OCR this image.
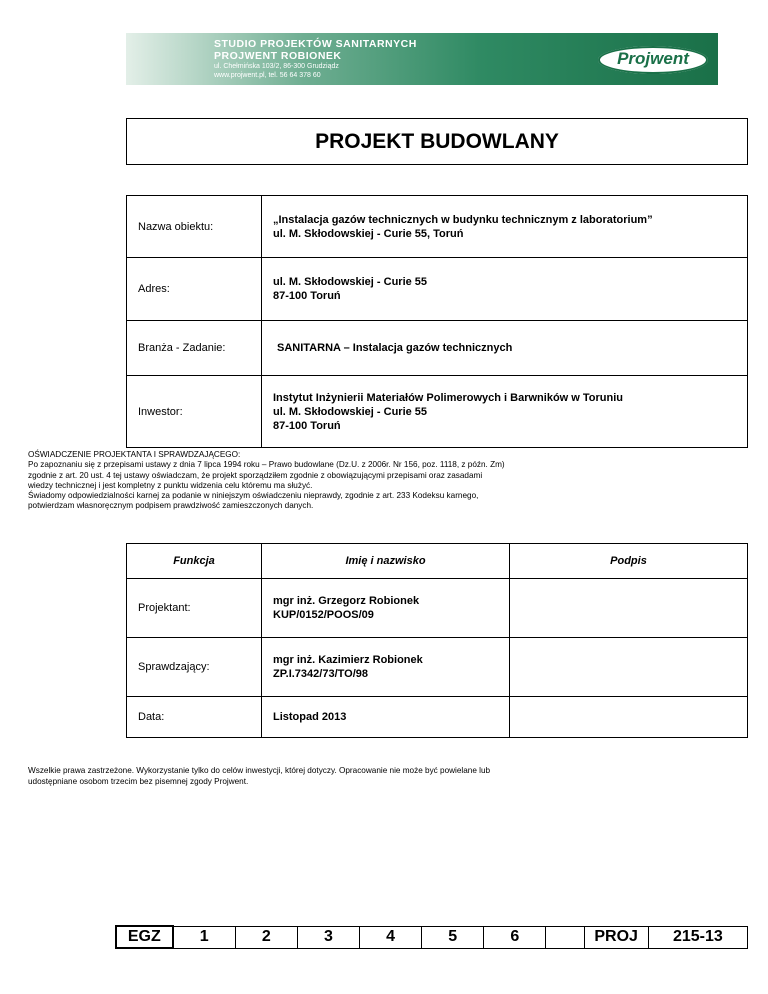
STUDIO PROJEKTÓW SANITARNYCH
PROJWENT ROBIONEK
ul. Chełmińska 103/2, 86-300 Grudziądz
www.projwent.pl, tel. 56 64 378 60
Projwent
PROJEKT BUDOWLANY
Nazwa obiektu:	„Instalacja gazów technicznych w budynku technicznym z laboratorium”
ul. M. Skłodowskiej - Curie 55, Toruń

Adres:	ul. M. Skłodowskiej - Curie 55
87-100 Toruń

Branża - Zadanie:	SANITARNA – Instalacja gazów technicznych
Inwestor:	Instytut Inżynierii Materiałów Polimerowych i Barwników w Toruniu
ul. M. Skłodowskiej - Curie 55
87-100 Toruń
OŚWIADCZENIE PROJEKTANTA I SPRAWDZAJĄCEGO:
Po zapoznaniu się z przepisami ustawy z dnia 7 lipca 1994 roku – Prawo budowlane (Dz.U. z 2006r. Nr 156, poz. 1118, z późn. Zm)
zgodnie z art. 20 ust. 4 tej ustawy oświadczam, że projekt sporządziłem zgodnie z obowiązującymi przepisami oraz zasadami
wiedzy technicznej i jest kompletny z punktu widzenia celu któremu ma służyć.
Świadomy odpowiedzialności karnej za podanie w niniejszym oświadczeniu nieprawdy, zgodnie z art. 233 Kodeksu karnego,
potwierdzam własnoręcznym podpisem prawdziwość zamieszczonych danych.
Funkcja	Imię i nazwisko	Podpis
Projektant:	mgr inż. Grzegorz Robionek
KUP/0152/POOS/09	

Sprawdzający:	mgr inż. Kazimierz Robionek
ZP.I.7342/73/TO/98	

Data:	Listopad 2013	
Wszelkie prawa zastrzeżone. Wykorzystanie tylko do celów inwestycji, której dotyczy. Opracowanie nie może być powielane lub
udostępniane osobom trzecim bez pisemnej zgody Projwent.
EGZ	1	2	3	4	5	6		PROJ	215-13
